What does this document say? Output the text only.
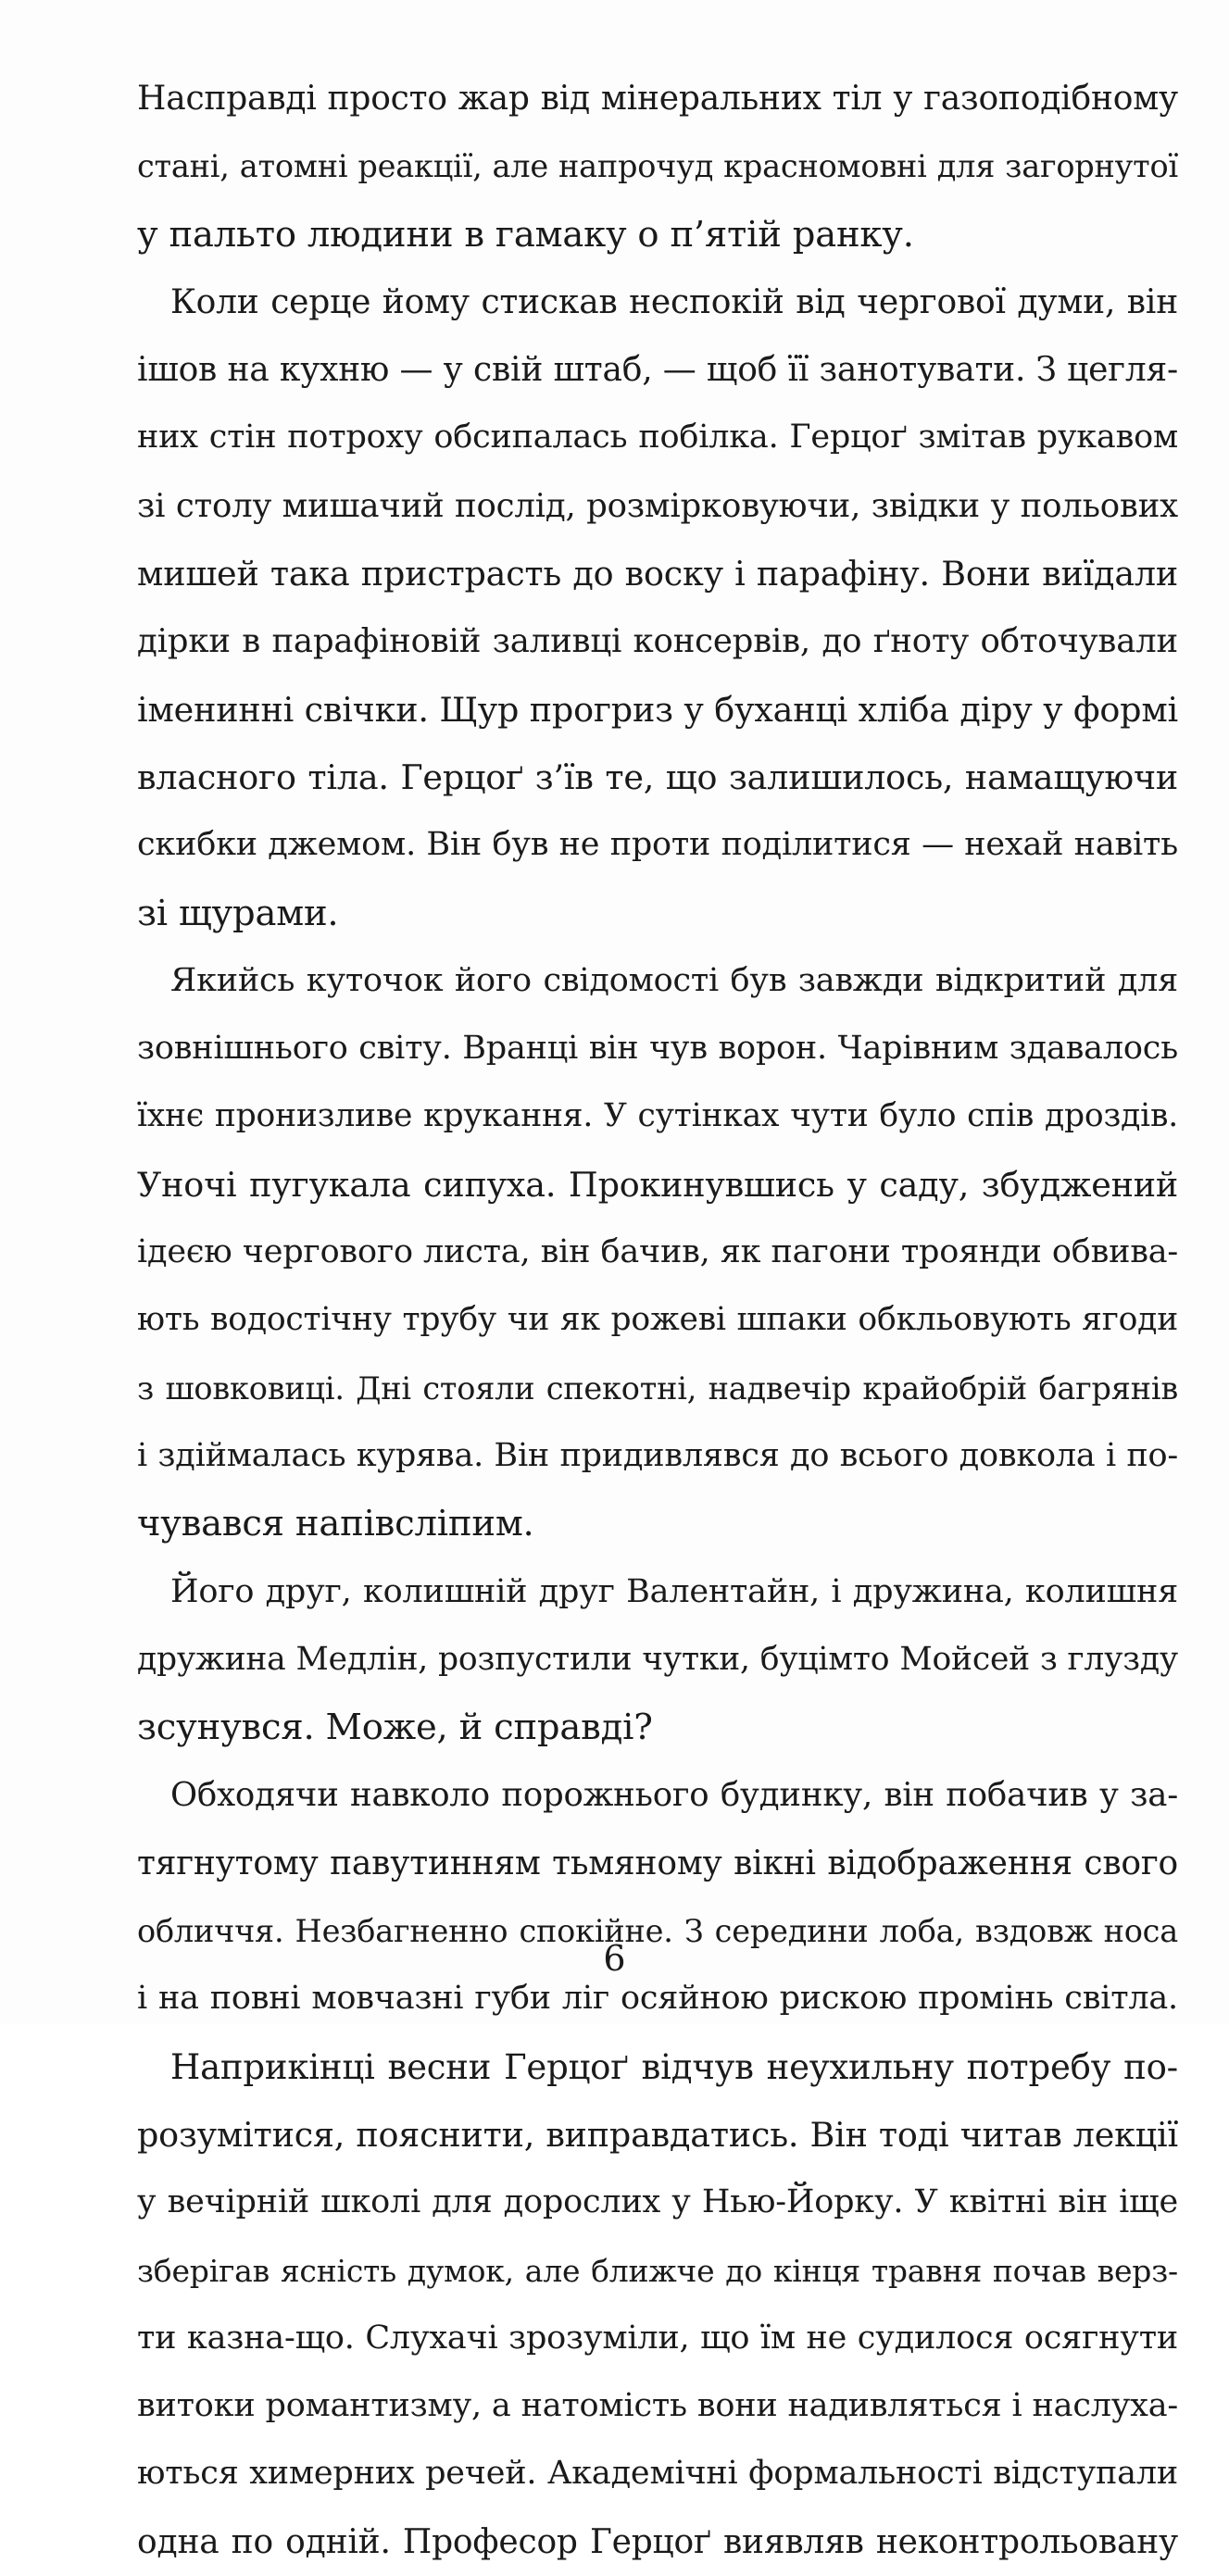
Насправді просто жар від мінеральних тіл у газоподібному
стані, атомні реакції, але напрочуд красномовні для загорнутої
у пальто людини в гамаку о п’ятій ранку.
Коли серце йому стискав неспокій від чергової думи, він
ішов на кухню — у свій штаб, — щоб її занотувати. З цегля-
них стін потроху обсипалась побілка. Герцоґ змітав рукавом
зі столу мишачий послід, розмірковуючи, звідки у польових
мишей така пристрасть до воску і парафіну. Вони виїдали
дірки в парафіновій заливці консервів, до ґноту обточували
іменинні свічки. Щур прогриз у буханці хліба діру у формі
власного тіла. Герцоґ з’їв те, що залишилось, намащуючи
скибки джемом. Він був не проти поділитися — нехай навіть
зі щурами.
Якийсь куточок його свідомості був завжди відкритий для
зовнішнього світу. Вранці він чув ворон. Чарівним здавалось
їхнє пронизливе крукання. У сутінках чути було спів дроздів.
Уночі пугукала сипуха. Прокинувшись у саду, збуджений
ідеєю чергового листа, він бачив, як пагони троянди обвива-
ють водостічну трубу чи як рожеві шпаки обкльовують ягоди
з шовковиці. Дні стояли спекотні, надвечір крайобрій багрянів
і здіймалась курява. Він придивлявся до всього довкола і по-
чувався напівсліпим.
Його друг, колишній друг Валентайн, і дружина, колишня
дружина Медлін, розпустили чутки, буцімто Мойсей з глузду
зсунувся. Може, й справді?
Обходячи навколо порожнього будинку, він побачив у за-
тягнутому павутинням тьмяному вікні відображення свого
обличчя. Незбагненно спокійне. З середини лоба, вздовж носа
і на повні мовчазні губи ліг осяйною рискою промінь світла.
Наприкінці весни Герцоґ відчув неухильну потребу по-
розумітися, пояснити, виправдатись. Він тоді читав лекції
у вечірній школі для дорослих у Нью-Йорку. У квітні він іще
зберігав ясність думок, але ближче до кінця травня почав верз-
ти казна-що. Слухачі зрозуміли, що їм не судилося осягнути
витоки романтизму, а натомість вони надивляться і наслуха-
ються химерних речей. Академічні формальності відступали
одна по одній. Професор Герцоґ виявляв неконтрольовану
6
